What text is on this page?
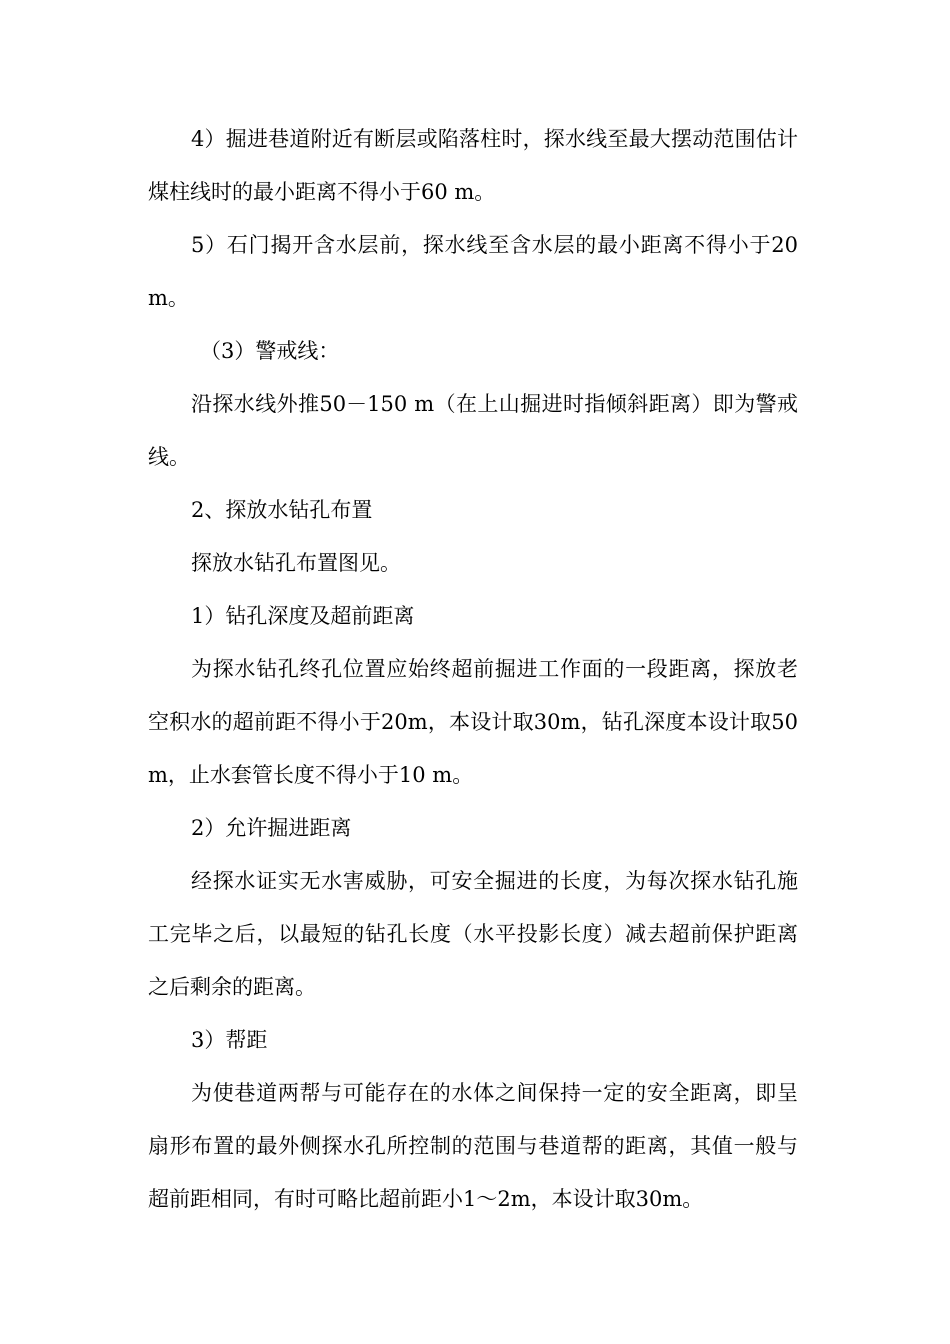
4）掘进巷道附近有断层或陷落柱时，探水线至最大摆动范围估计煤柱线时的最小距离不得小于60 m。

5）石门揭开含水层前，探水线至含水层的最小距离不得小于20 m。

（3）警戒线：

沿探水线外推50－150 m（在上山掘进时指倾斜距离）即为警戒线。

2、探放水钻孔布置

探放水钻孔布置图见。

1）钻孔深度及超前距离

为探水钻孔终孔位置应始终超前掘进工作面的一段距离，探放老空积水的超前距不得小于20m，本设计取30m，钻孔深度本设计取50m，止水套管长度不得小于10 m。

2）允许掘进距离

经探水证实无水害威胁，可安全掘进的长度，为每次探水钻孔施工完毕之后，以最短的钻孔长度（水平投影长度）减去超前保护距离之后剩余的距离。

3）帮距

为使巷道两帮与可能存在的水体之间保持一定的安全距离，即呈扇形布置的最外侧探水孔所控制的范围与巷道帮的距离，其值一般与超前距相同，有时可略比超前距小1～2m，本设计取30m。
